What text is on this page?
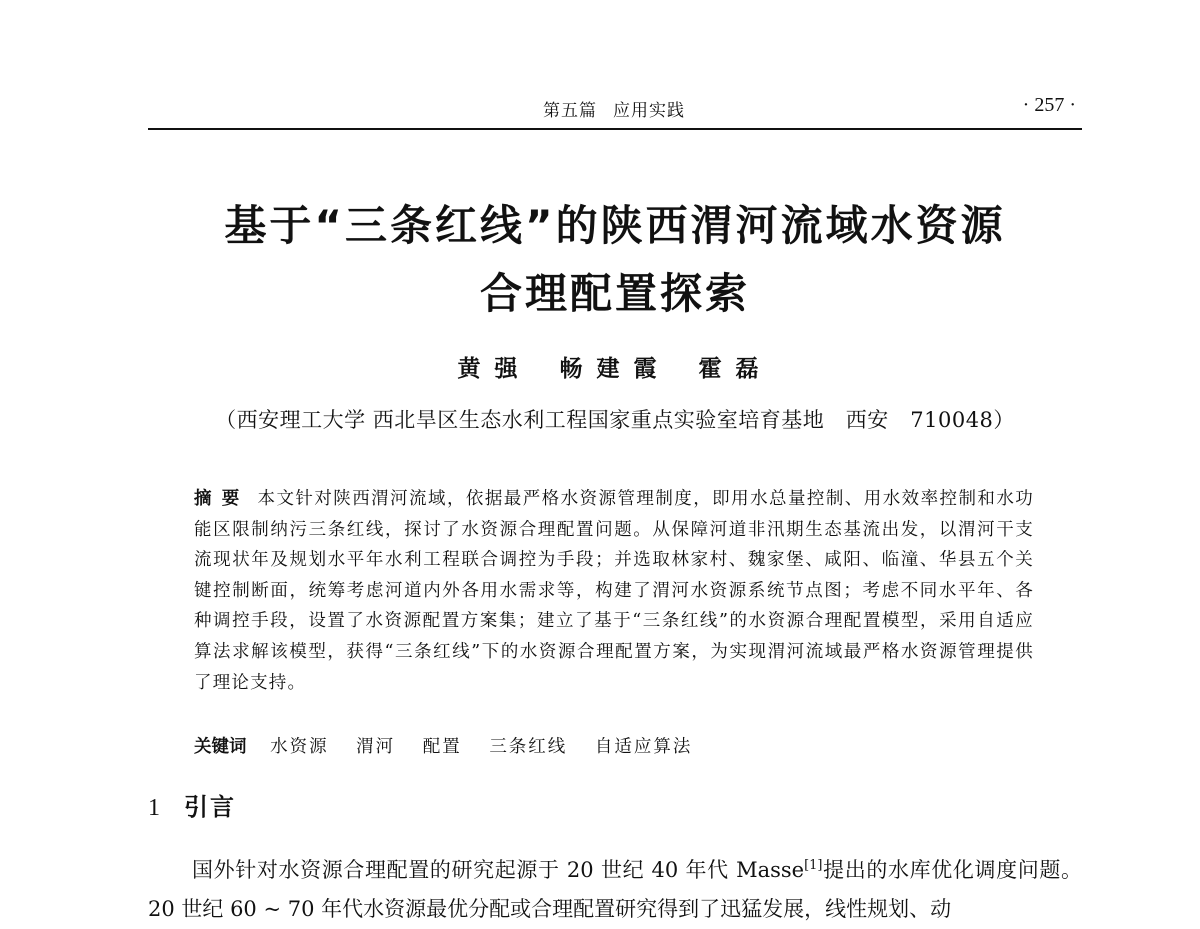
第五篇 应用实践	· 257 ·
基于“三条红线”的陕西渭河流域水资源
合理配置探索
黄强 畅建霞 霍磊
（西安理工大学 西北旱区生态水利工程国家重点实验室培育基地　西安　710048）

摘要 本文针对陕西渭河流域，依据最严格水资源管理制度，即用水总量控制、用水效率控制和水功能区限制纳污三条红线，探讨了水资源合理配置问题。从保障河道非汛期生态基流出发，以渭河干支流现状年及规划水平年水利工程联合调控为手段；并选取林家村、魏家堡、咸阳、临潼、华县五个关键控制断面，统筹考虑河道内外各用水需求等，构建了渭河水资源系统节点图；考虑不同水平年、各种调控手段，设置了水资源配置方案集；建立了基于“三条红线”的水资源合理配置模型，采用自适应算法求解该模型，获得“三条红线”下的水资源合理配置方案，为实现渭河流域最严格水资源管理提供了理论支持。

关键词 水资源 渭河 配置 三条红线 自适应算法
1 引言

国外针对水资源合理配置的研究起源于 20 世纪 40 年代 Masse[1]提出的水库优化调度问题。20 世纪 60 ~ 70 年代水资源最优分配或合理配置研究得到了迅猛发展，线性规划、动
